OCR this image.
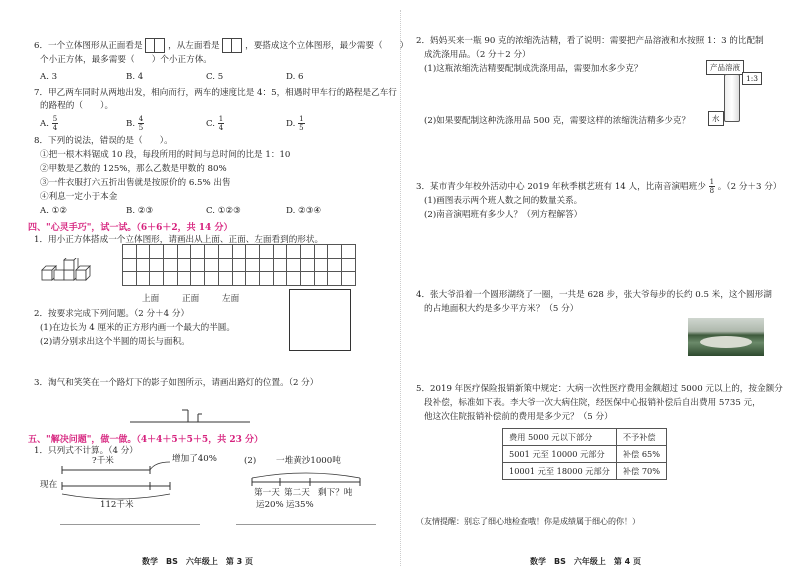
6．一个立体图形从正面看是	，从左面看是	，要搭成这个立体图形，最少需要（　　）
个小正方体，最多需要（　　）个小正方体。
A. 3	B. 4	C. 5	D. 6
7．甲乙两车同时从两地出发，相向而行，两车的速度比是 4：5，相遇时甲车行的路程是乙车行
的路程的（　　）。
A. $\frac{5}{4}$	B. $\frac{4}{5}$	C. $\frac{1}{4}$	D. $\frac{1}{5}$
8．下列的说法，错误的是（　　）。
①把一根木料锯成 10 段，每段所用的时间与总时间的比是 1：10
②甲数是乙数的 125%，那么乙数是甲数的 80%
③一件衣服打六五折出售就是按原价的 6.5% 出售
④利息一定小于本金
A. ①②	B. ②③	C. ①②③	D. ②③④
四、"心灵手巧"，试一试。（6＋6＋2，共 14 分）
1．用小正方体搭成一个立体图形，请画出从上面、正面、左面看到的形状。

上面	正面	左面
2．按要求完成下列问题。（2 分＋4 分）
(1)在边长为 4 厘米的正方形内画一个最大的半圆。
(2)请分别求出这个半圆的周长与面积。
3．淘气和笑笑在一个路灯下的影子如图所示，请画出路灯的位置。（2 分）
五、"解决问题"，做一做。（4＋4＋5＋5＋5，共 23 分）
1．只列式不计算。（4 分）
?千米	增加了40%
现在
112千米
(2) 一堆黄沙1000吨
第一天 第二天 剩下？吨
运20% 运35%
数学　BS　六年级上　第 3 页
2．妈妈买来一瓶 90 克的浓缩洗洁精，看了说明：需要把产品溶液和水按照 1：3 的比配制
成洗涤用品。（2 分＋2 分）
(1)这瓶浓缩洗洁精要配制成洗涤用品，需要加水多少克？
(2)如果要配制这种洗涤用品 500 克，需要这样的浓缩洗洁精多少克？
产品溶液
1:3
水
3．某市青少年校外活动中心 2019 年秋季棋艺班有 14 人，比南音演唱班少 $\frac{1}{8}$ 。（2 分＋3 分）
(1)画图表示两个班人数之间的数量关系。
(2)南音演唱班有多少人？（列方程解答）
4．张大爷沿着一个圆形湖绕了一圈，一共是 628 步，张大爷每步的长约 0.5 米，这个圆形湖
的占地面积大约是多少平方米？（5 分）
5．2019 年医疗保险报销新策中规定：大病一次性医疗费用金额超过 5000 元以上的，按金额分
段补偿，标准如下表。李大爷一次大病住院，经医保中心报销补偿后自出费用 5735 元，
他这次住院报销补偿前的费用是多少元？（5 分）
费用 5000 元以下部分	不予补偿
5001 元至 10000 元部分	补偿 65%
10001 元至 18000 元部分	补偿 70%
（友情提醒：别忘了细心地检查哦！你是成绩属于细心的你！）
数学　BS　六年级上　第 4 页
